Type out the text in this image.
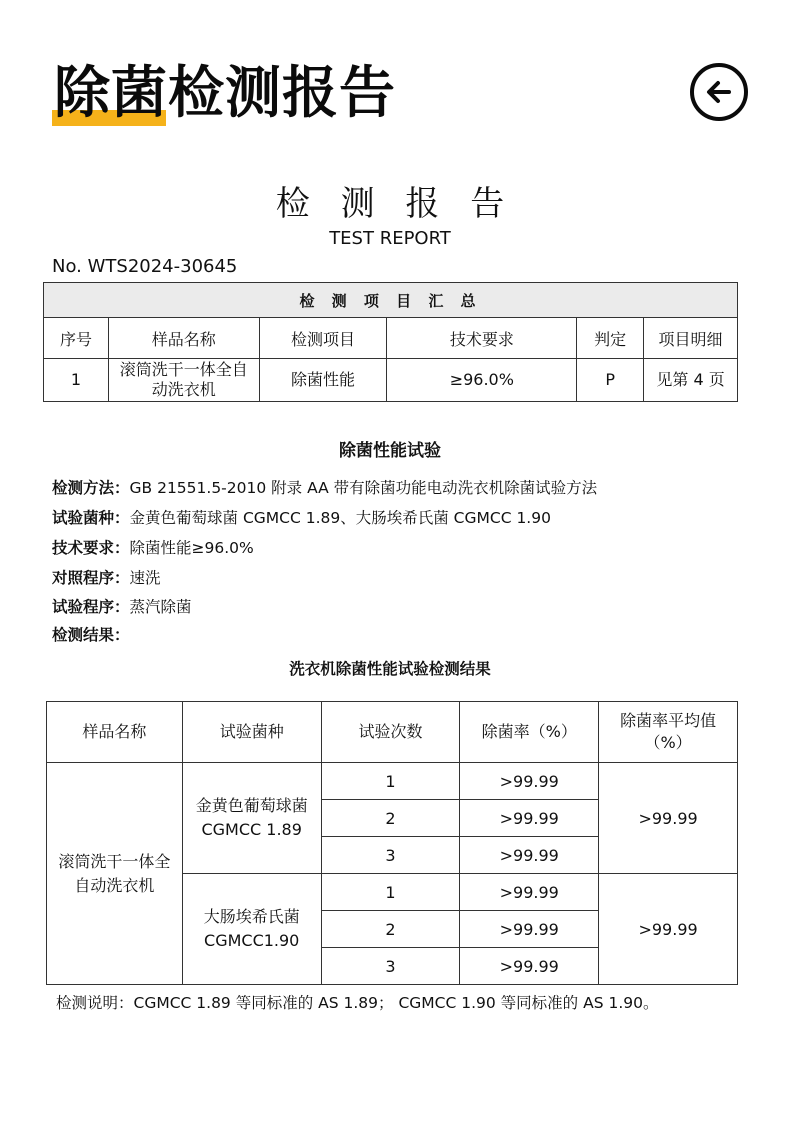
除菌检测报告
检 测 报 告
TEST REPORT
No. WTS2024-30645
检 测 项 目 汇 总					
序号	样品名称	检测项目	技术要求	判定	项目明细
1	滚筒洗干一体全自动洗衣机	除菌性能	≥96.0%	P	见第 4 页
除菌性能试验
检测方法：GB 21551.5-2010 附录 AA 带有除菌功能电动洗衣机除菌试验方法
试验菌种：金黄色葡萄球菌 CGMCC 1.89、大肠埃希氏菌 CGMCC 1.90
技术要求：除菌性能≥96.0%
对照程序：速洗
试验程序：蒸汽除菌
检测结果：
洗衣机除菌性能试验检测结果
样品名称	试验菌种	试验次数	除菌率（%）	除菌率平均值（%）
滚筒洗干一体全自动洗衣机	金黄色葡萄球菌 CGMCC 1.89	1	>99.99	>99.99
		2	>99.99	
		3	>99.99	
	大肠埃希氏菌 CGMCC1.90	1	>99.99	>99.99
		2	>99.99	
		3	>99.99	
检测说明：CGMCC 1.89 等同标准的 AS 1.89； CGMCC 1.90 等同标准的 AS 1.90。
